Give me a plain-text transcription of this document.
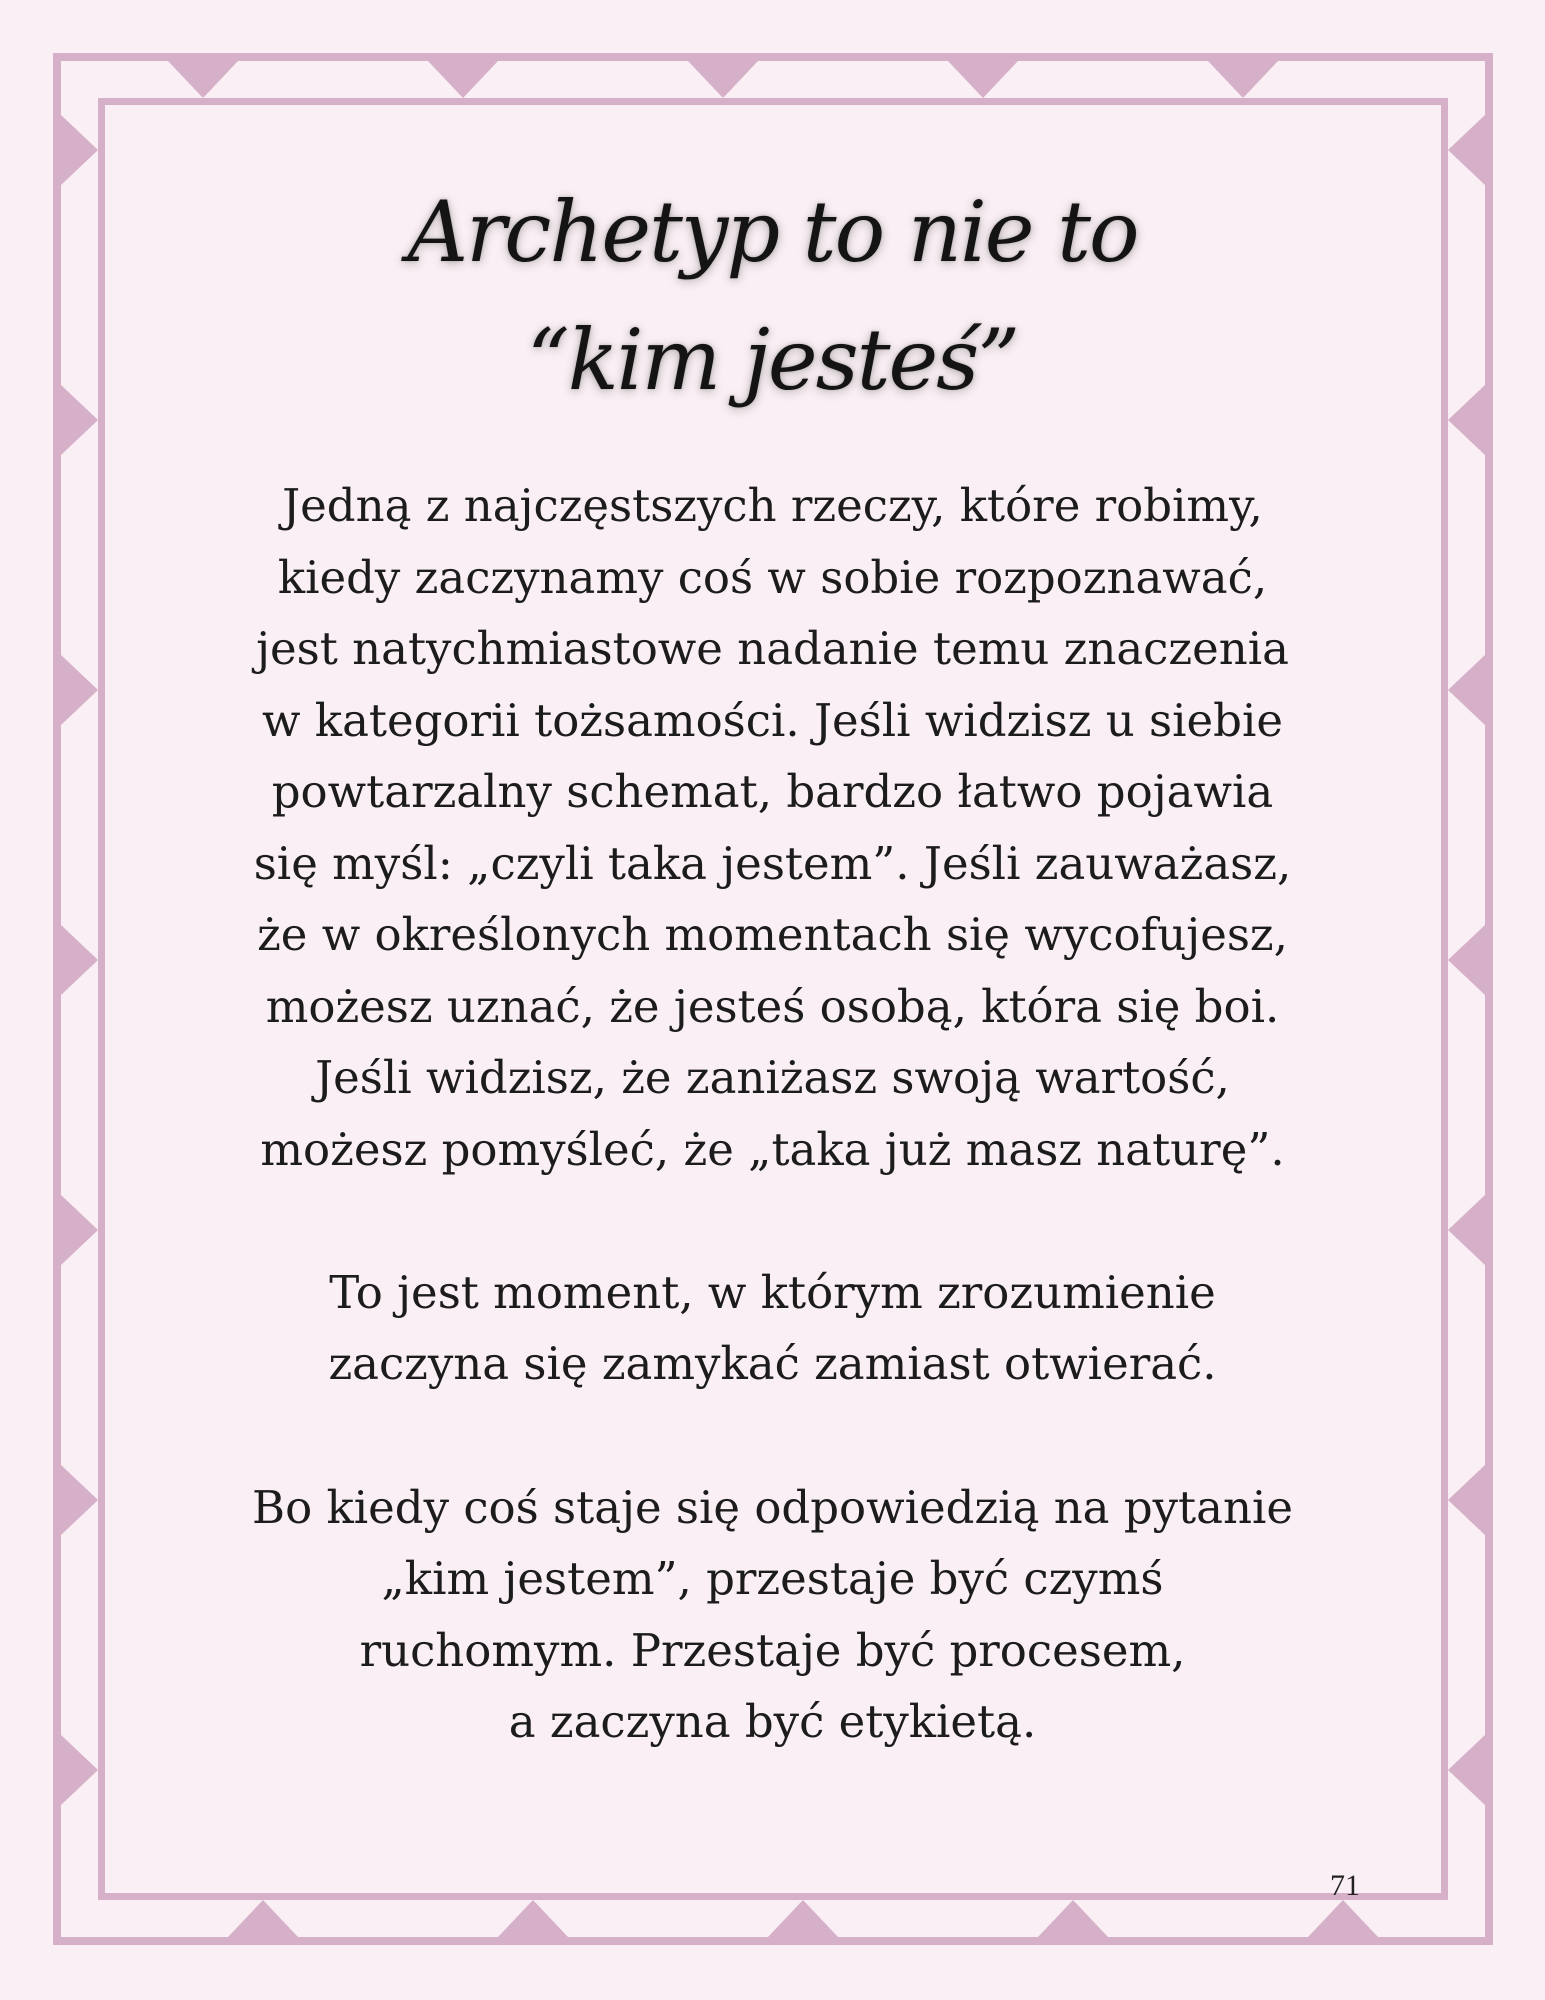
Archetyp to nie to
“kim jesteś”
Jedną z najczęstszych rzeczy, które robimy,
kiedy zaczynamy coś w sobie rozpoznawać,
jest natychmiastowe nadanie temu znaczenia
w kategorii tożsamości. Jeśli widzisz u siebie
powtarzalny schemat, bardzo łatwo pojawia
się myśl: „czyli taka jestem”. Jeśli zauważasz,
że w określonych momentach się wycofujesz,
możesz uznać, że jesteś osobą, która się boi.
Jeśli widzisz, że zaniżasz swoją wartość,
możesz pomyśleć, że „taka już masz naturę”.
To jest moment, w którym zrozumienie
zaczyna się zamykać zamiast otwierać.
Bo kiedy coś staje się odpowiedzią na pytanie
„kim jestem”, przestaje być czymś
ruchomym. Przestaje być procesem,
a zaczyna być etykietą.
71
